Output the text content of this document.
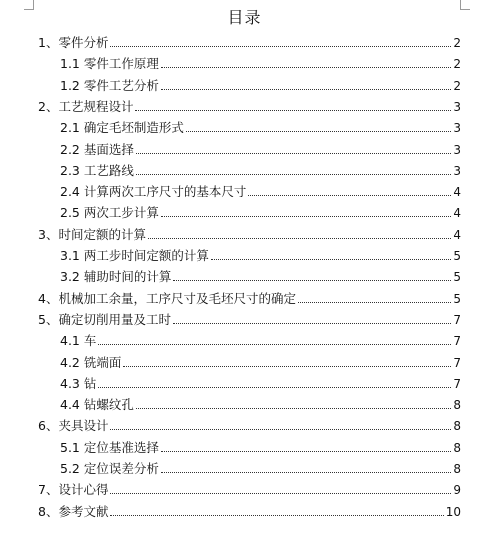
目录
1、零件分析	2
1.1 零件工作原理	2
1.2 零件工艺分析	2
2、工艺规程设计	3
2.1 确定毛坯制造形式	3
2.2 基面选择	3
2.3 工艺路线	3
2.4 计算两次工序尺寸的基本尺寸	4
2.5 两次工步计算	4
3、时间定额的计算	4
3.1 两工步时间定额的计算	5
3.2 辅助时间的计算	5
4、机械加工余量，工序尺寸及毛坯尺寸的确定	5
5、确定切削用量及工时	7
4.1 车	7
4.2 铣端面	7
4.3 钻	7
4.4 钻螺纹孔	8
6、夹具设计	8
5.1 定位基准选择	8
5.2 定位误差分析	8
7、设计心得	9
8、参考文献	10
